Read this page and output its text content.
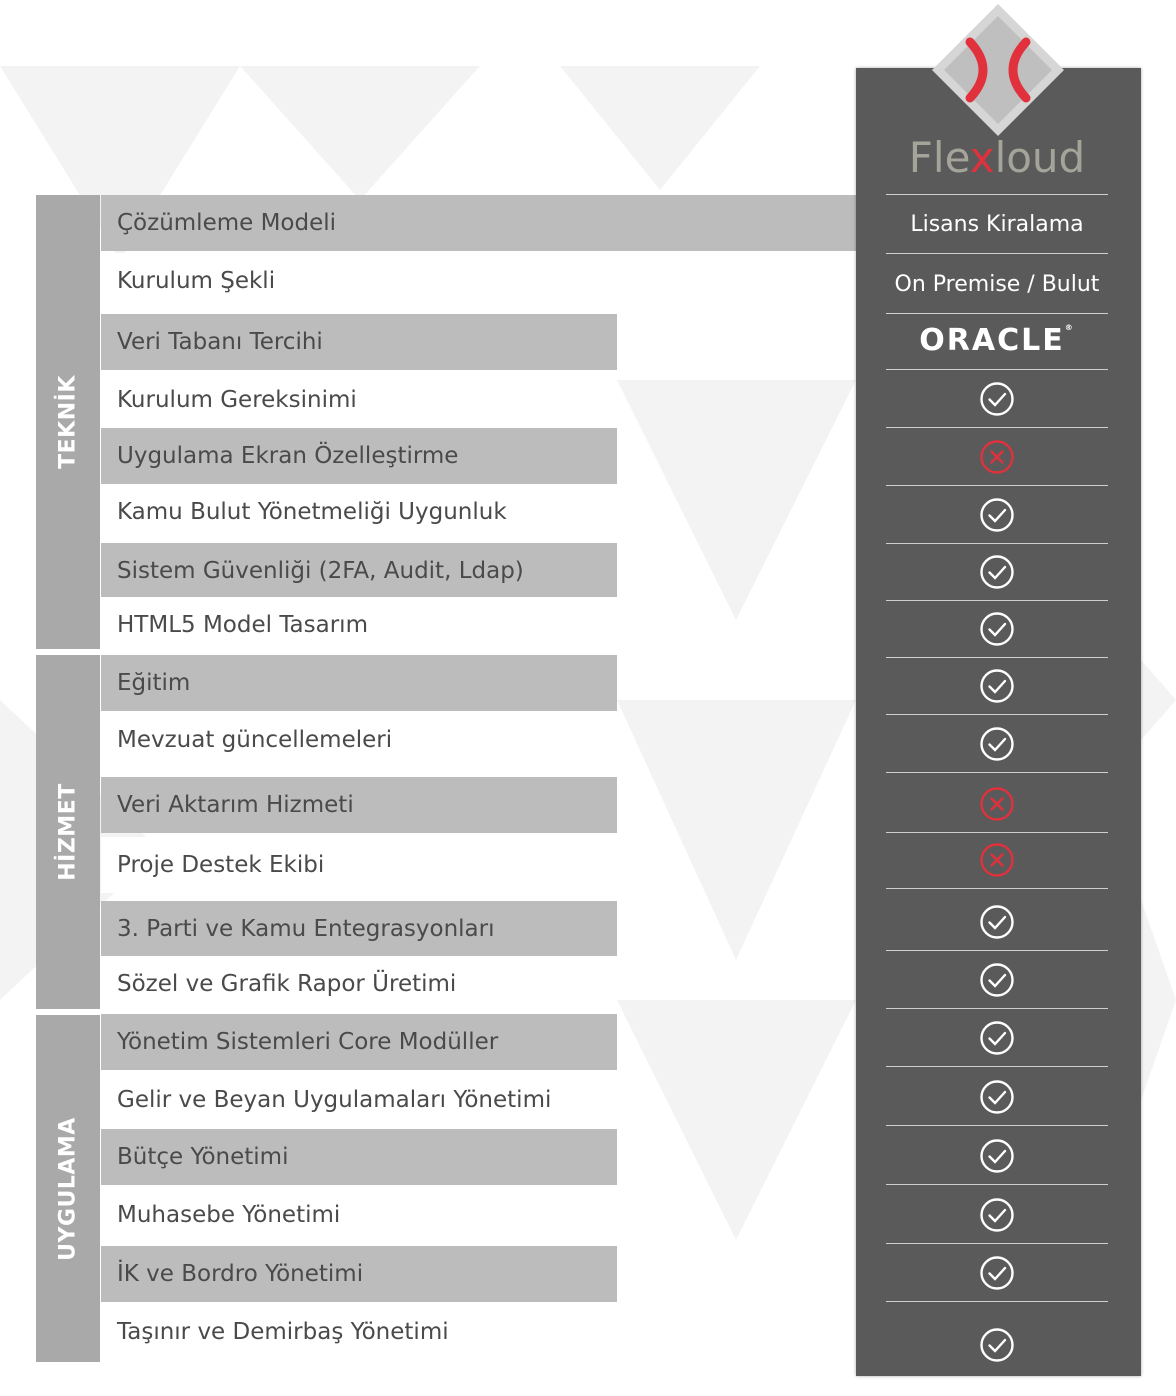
TEKNİK
HİZMET
UYGULAMA
Çözümleme Modeli
Kurulum Şekli
Veri Tabanı Tercihi
Kurulum Gereksinimi
Uygulama Ekran Özelleştirme
Kamu Bulut Yönetmeliği Uygunluk
Sistem Güvenliği (2FA, Audit, Ldap)
HTML5 Model Tasarım
Eğitim
Mevzuat güncellemeleri
Veri Aktarım Hizmeti
Proje Destek Ekibi
3. Parti ve Kamu Entegrasyonları
Sözel ve Grafik Rapor Üretimi
Yönetim Sistemleri Core Modüller
Gelir ve Beyan Uygulamaları Yönetimi
Bütçe Yönetimi
Muhasebe Yönetimi
İK ve Bordro Yönetimi
Taşınır ve Demirbaş Yönetimi
Flexloud
Lisans Kiralama
On Premise / Bulut
ORACLE®
